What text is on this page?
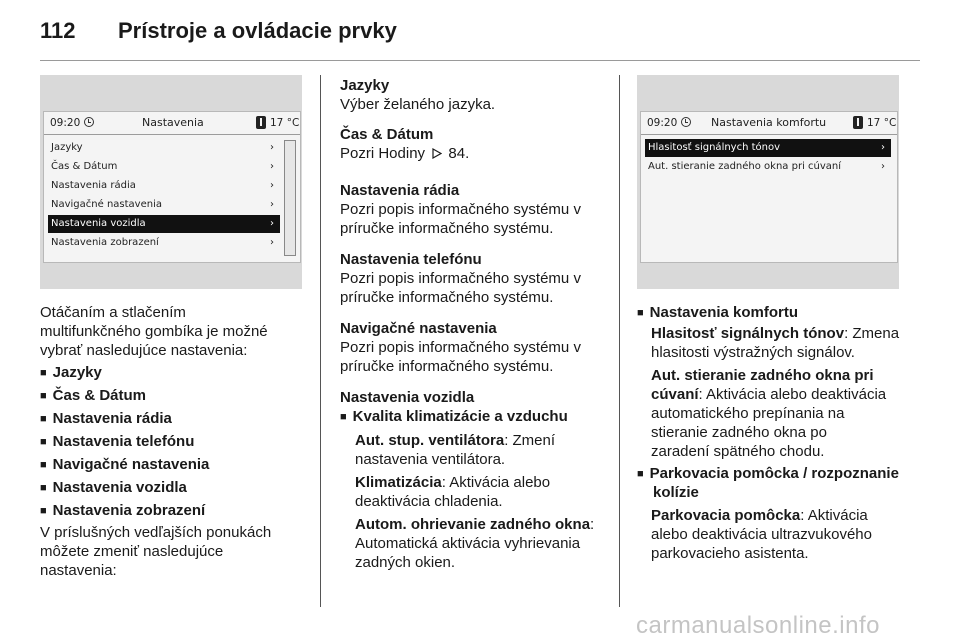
112 Prístroje a ovládacie prvky
09:20	Nastavenia	17 °C
Jazyky	›
Čas & Dátum	›
Nastavenia rádia	›
Navigačné nastavenia	›
Nastavenia vozidla	›
Nastavenia zobrazení	›
Otáčaním a stlačením
multifunkčného gombíka je možné
vybrať nasledujúce nastavenia:
■ Jazyky
■ Čas & Dátum
■ Nastavenia rádia
■ Nastavenia telefónu
■ Navigačné nastavenia
■ Nastavenia vozidla
■ Nastavenia zobrazení
V príslušných vedľajších ponukách
môžete zmeniť nasledujúce
nastavenia:
Jazyky
Výber želaného jazyka.
Čas & Dátum
Pozri Hodiny 84.
Nastavenia rádia
Pozri popis informačného systému v
príručke informačného systému.
Nastavenia telefónu
Pozri popis informačného systému v
príručke informačného systému.
Navigačné nastavenia
Pozri popis informačného systému v
príručke informačného systému.
Nastavenia vozidla
■ Kvalita klimatizácie a vzduchu
Aut. stup. ventilátora: Zmení
nastavenia ventilátora.
Klimatizácia: Aktivácia alebo
deaktivácia chladenia.
Autom. ohrievanie zadného okna:
Automatická aktivácia vyhrievania
zadných okien.
09:20	Nastavenia komfortu	17 °C
Hlasitosť signálnych tónov	›
Aut. stieranie zadného okna pri cúvaní	›
■ Nastavenia komfortu
Hlasitosť signálnych tónov: Zmena
hlasitosti výstražných signálov.
Aut. stieranie zadného okna pri
cúvaní: Aktivácia alebo deaktivácia
automatického prepínania na
stieranie zadného okna po
zaradení spätného chodu.
■ Parkovacia pomôcka / rozpoznanie
kolízie
Parkovacia pomôcka: Aktivácia
alebo deaktivácia ultrazvukového
parkovacieho asistenta.
carmanualsonline.info
